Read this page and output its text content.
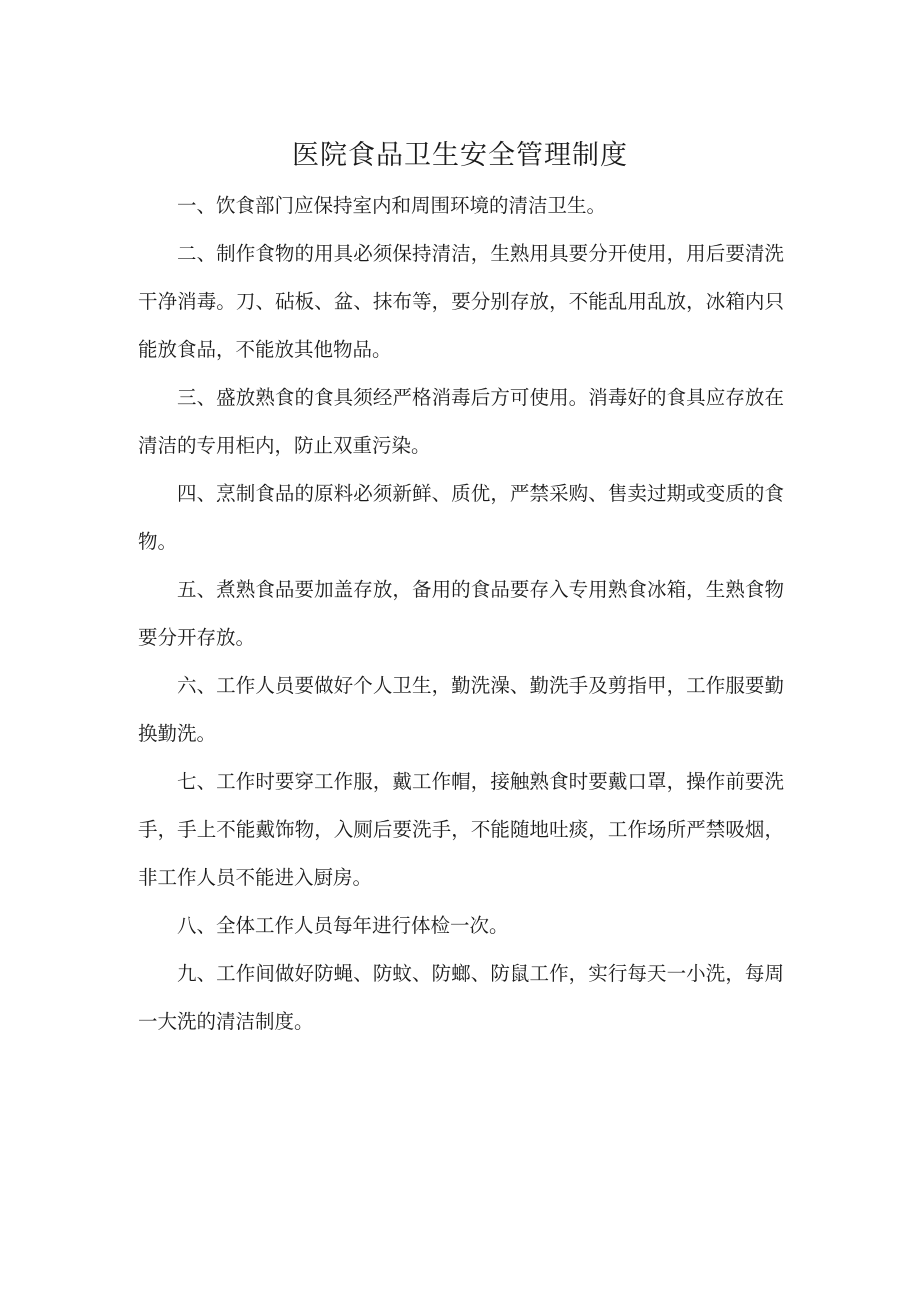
医院食品卫生安全管理制度

一、饮食部门应保持室内和周围环境的清洁卫生。

二、制作食物的用具必须保持清洁，生熟用具要分开使用，用后要清洗干净消毒。刀、砧板、盆、抹布等，要分别存放，不能乱用乱放，冰箱内只能放食品，不能放其他物品。

三、盛放熟食的食具须经严格消毒后方可使用。消毒好的食具应存放在清洁的专用柜内，防止双重污染。

四、烹制食品的原料必须新鲜、质优，严禁采购、售卖过期或变质的食物。

五、煮熟食品要加盖存放，备用的食品要存入专用熟食冰箱，生熟食物要分开存放。

六、工作人员要做好个人卫生，勤洗澡、勤洗手及剪指甲，工作服要勤换勤洗。

七、工作时要穿工作服，戴工作帽，接触熟食时要戴口罩，操作前要洗手，手上不能戴饰物，入厕后要洗手，不能随地吐痰，工作场所严禁吸烟，非工作人员不能进入厨房。

八、全体工作人员每年进行体检一次。

九、工作间做好防蝇、防蚊、防螂、防鼠工作，实行每天一小洗，每周一大洗的清洁制度。
